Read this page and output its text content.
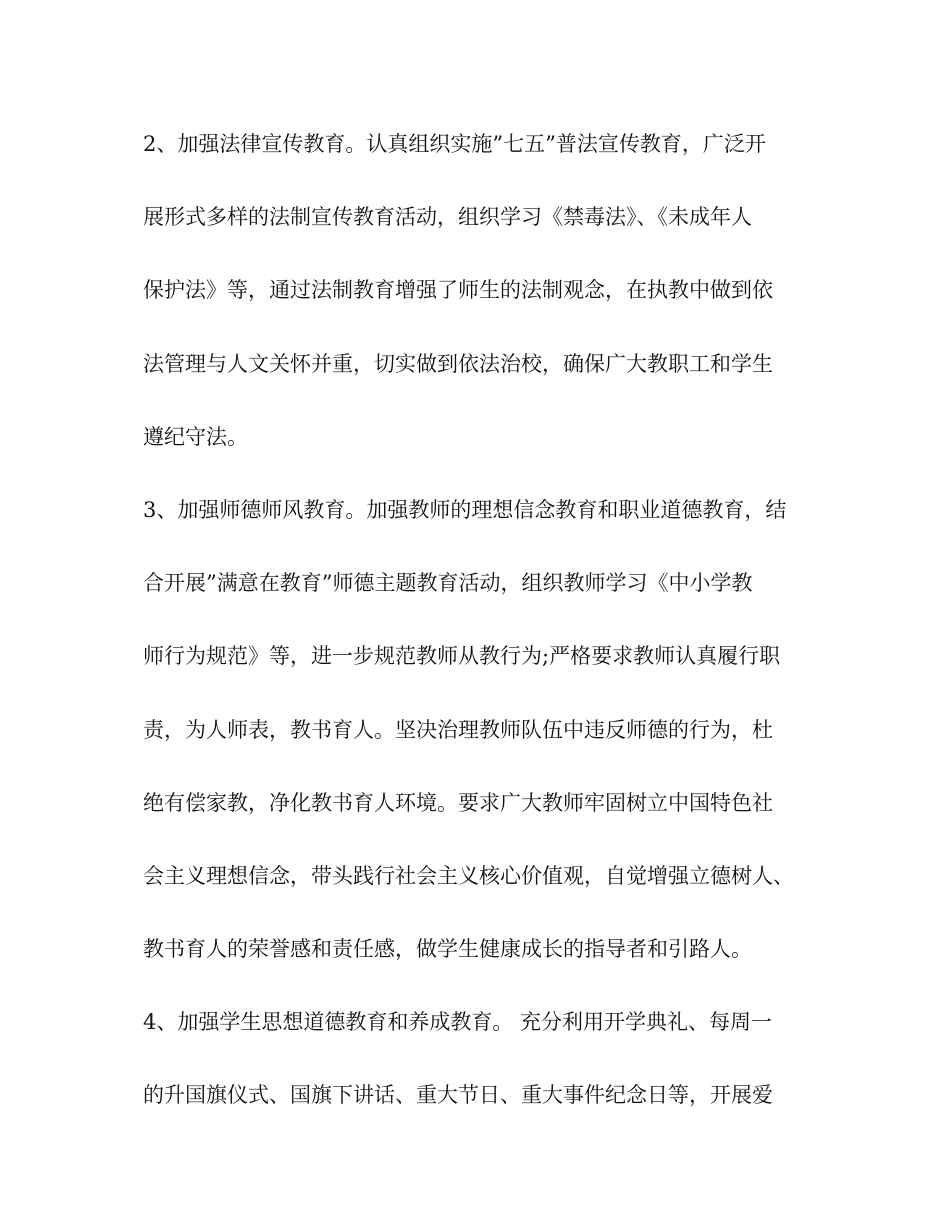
2、加强法律宣传教育。认真组织实施”七五”普法宣传教育，广泛开
展形式多样的法制宣传教育活动，组织学习《禁毒法》、《未成年人
保护法》等，通过法制教育增强了师生的法制观念，在执教中做到依
法管理与人文关怀并重，切实做到依法治校，确保广大教职工和学生
遵纪守法。
3、加强师德师风教育。加强教师的理想信念教育和职业道德教育，结
合开展”满意在教育”师德主题教育活动，组织教师学习《中小学教
师行为规范》等，进一步规范教师从教行为;严格要求教师认真履行职
责，为人师表，教书育人。坚决治理教师队伍中违反师德的行为，杜
绝有偿家教，净化教书育人环境。要求广大教师牢固树立中国特色社
会主义理想信念，带头践行社会主义核心价值观，自觉增强立德树人、
教书育人的荣誉感和责任感，做学生健康成长的指导者和引路人。
4、加强学生思想道德教育和养成教育。 充分利用开学典礼、每周一
的升国旗仪式、国旗下讲话、重大节日、重大事件纪念日等，开展爱
